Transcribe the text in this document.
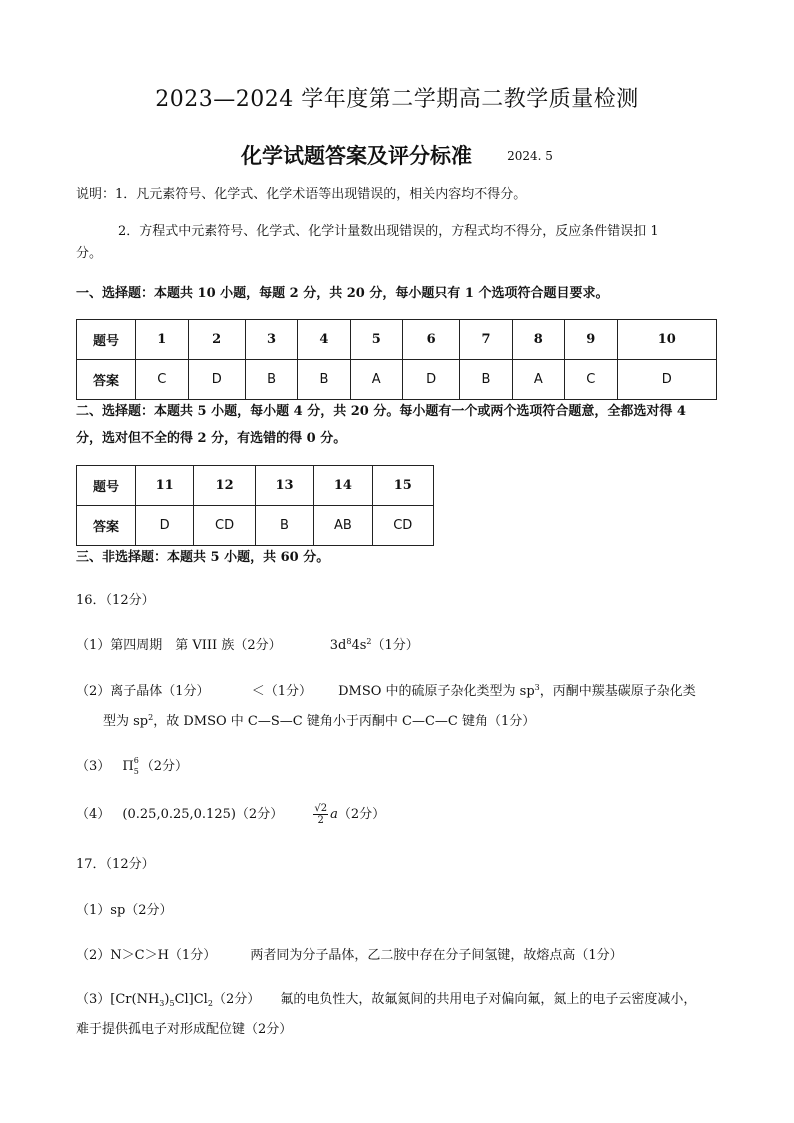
2023—2024 学年度第二学期高二教学质量检测
化学试题答案及评分标准	2024. 5
说明：1．凡元素符号、化学式、化学术语等出现错误的，相关内容均不得分。
2．方程式中元素符号、化学式、化学计量数出现错误的，方程式均不得分，反应条件错误扣 1
分。
一、选择题：本题共 10 小题，每题 2 分，共 20 分，每小题只有 1 个选项符合题目要求。
题号	1	2	3	4	5	6	7	8	9	10
答案	C	D	B	B	A	D	B	A	C	D
二、选择题：本题共 5 小题，每小题 4 分，共 20 分。每小题有一个或两个选项符合题意，全都选对得 4
分，选对但不全的得 2 分，有选错的得 0 分。
题号	11	12	13	14	15
答案	D	CD	B	AB	CD
三、非选择题：本题共 5 小题，共 60 分。
16．（12分）
（1）第四周期　第 VIII 族（2分）	$3d^84s^2(1$分）
（2）离子晶体（1分）	＜（1分） DMSO 中的硫原子杂化类型为 $sp^3$，丙酮中羰基碳原子杂化类
型为 $sp^2$，故 DMSO 中 C—S—C 键角小于丙酮中 C—C—C 键角（1分）
（3） Π 6
5 （2分）
（4） (0.25,0.25,0.125)（2分）	$\frac{√2}{2} a(2$分）
17．（12分）
（1）sp（2分）
（2）N＞C＞H（1分）	两者同为分子晶体，乙二胺中存在分子间氢键，故熔点高（1分）
$(3)[Cr(NH_3)_5Cl]Cl_2(2$分） 氟的电负性大，故氟氮间的共用电子对偏向氟，氮上的电子云密度减小，
难于提供孤电子对形成配位键（2分）
